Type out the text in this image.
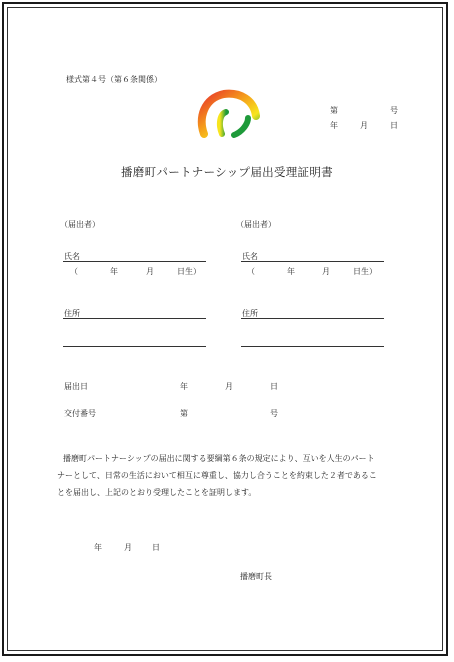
様式第４号（第６条関係）
第	号
年	月	日
播磨町パートナーシップ届出受理証明書
（届出者）
氏名
（	年	月	日生）
住所
（届出者）
氏名
（	年	月	日生）
住所
届出日	年	月	日
交付番号	第	号
播磨町パートナーシップの届出に関する要綱第６条の規定により、互いを人生のパート
ナーとして、日常の生活において相互に尊重し、協力し合うことを約束した２者であるこ
とを届出し、上記のとおり受理したことを証明します。
年	月	日
播磨町長
